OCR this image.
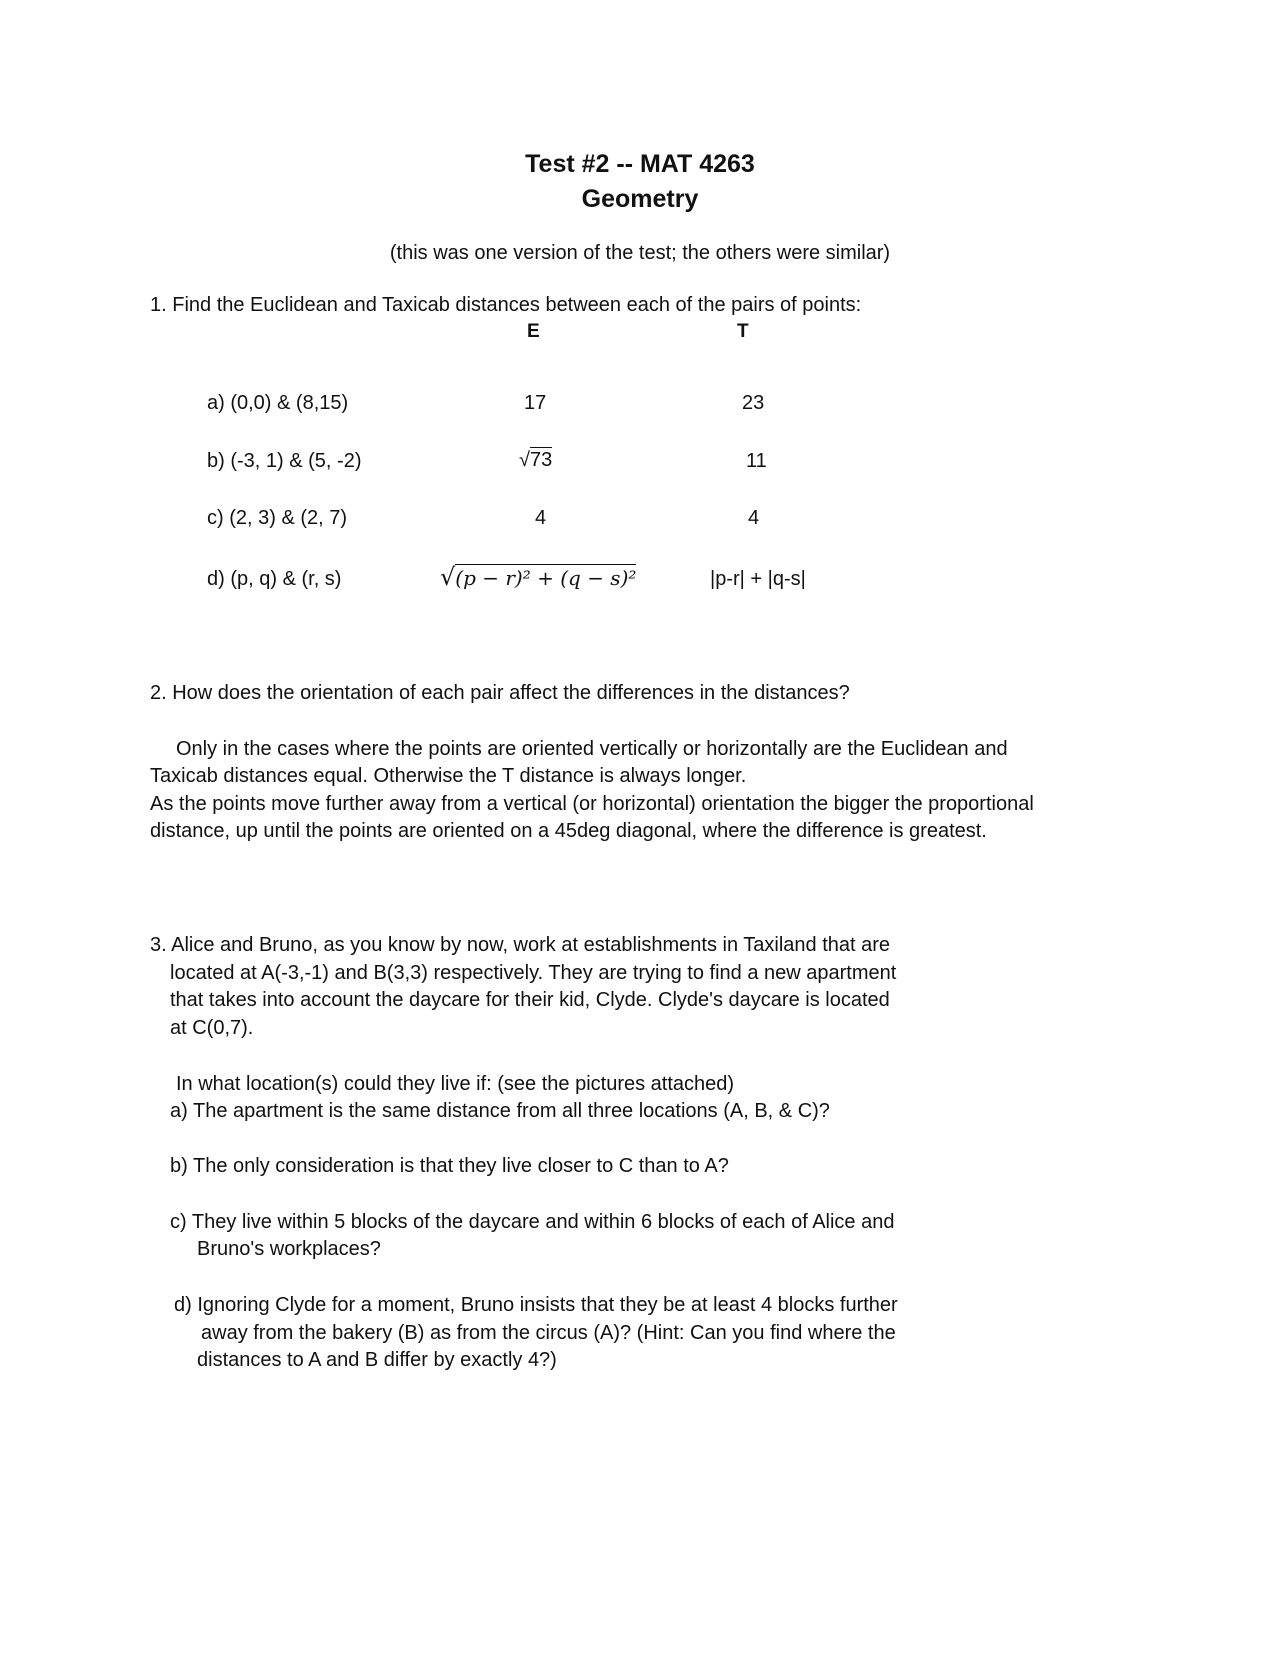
Test #2 -- MAT 4263
Geometry
(this was one version of the test; the others were similar)
1. Find the Euclidean and Taxicab distances between each of the pairs of points:
E	T
a) (0,0) & (8,15)	17	23
b) (-3, 1) & (5, -2)	√73	11
c) (2, 3) & (2, 7)	4	4
d) (p, q) & (r, s)	√(p − r)² + (q − s)²	|p-r| + |q-s|
2. How does the orientation of each pair affect the differences in the distances?
Only in the cases where the points are oriented vertically or horizontally are the Euclidean and
Taxicab distances equal. Otherwise the T distance is always longer.
As the points move further away from a vertical (or horizontal) orientation the bigger the proportional
distance, up until the points are oriented on a 45deg diagonal, where the difference is greatest.
3. Alice and Bruno, as you know by now, work at establishments in Taxiland that are
located at A(-3,-1) and B(3,3) respectively. They are trying to find a new apartment
that takes into account the daycare for their kid, Clyde. Clyde's daycare is located
at C(0,7).
In what location(s) could they live if: (see the pictures attached)
a) The apartment is the same distance from all three locations (A, B, & C)?
b) The only consideration is that they live closer to C than to A?
c) They live within 5 blocks of the daycare and within 6 blocks of each of Alice and
Bruno's workplaces?
d) Ignoring Clyde for a moment, Bruno insists that they be at least 4 blocks further
away from the bakery (B) as from the circus (A)? (Hint: Can you find where the
distances to A and B differ by exactly 4?)
